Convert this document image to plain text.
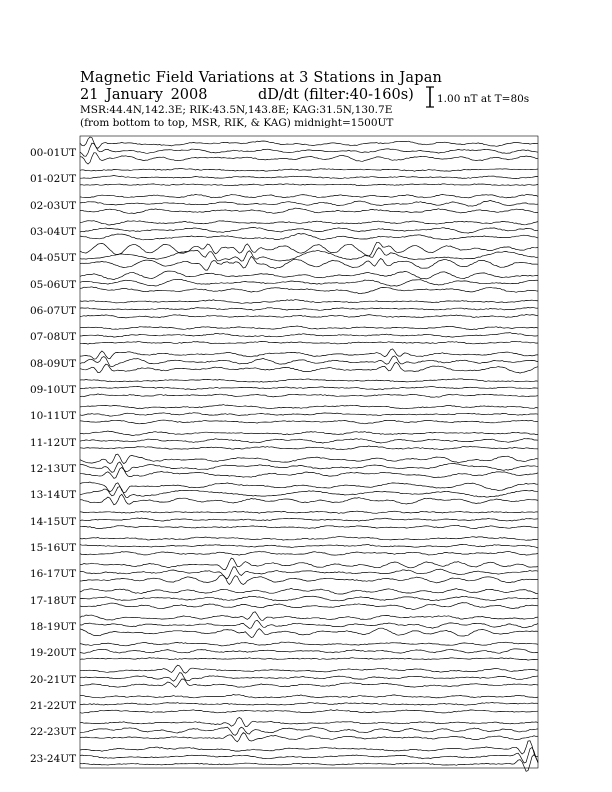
Magnetic Field Variations at 3 Stations in Japan
21 January 2008	dD/dt (filter:40-160s)
MSR:44.4N,142.3E; RIK:43.5N,143.8E; KAG:31.5N,130.7E
(from bottom to top, MSR, RIK, & KAG) midnight=1500UT
1.00 nT at T=80s
00-01UT
01-02UT
02-03UT
03-04UT
04-05UT
05-06UT
06-07UT
07-08UT
08-09UT
09-10UT
10-11UT
11-12UT
12-13UT
13-14UT
14-15UT
15-16UT
16-17UT
17-18UT
18-19UT
19-20UT
20-21UT
21-22UT
22-23UT
23-24UT
